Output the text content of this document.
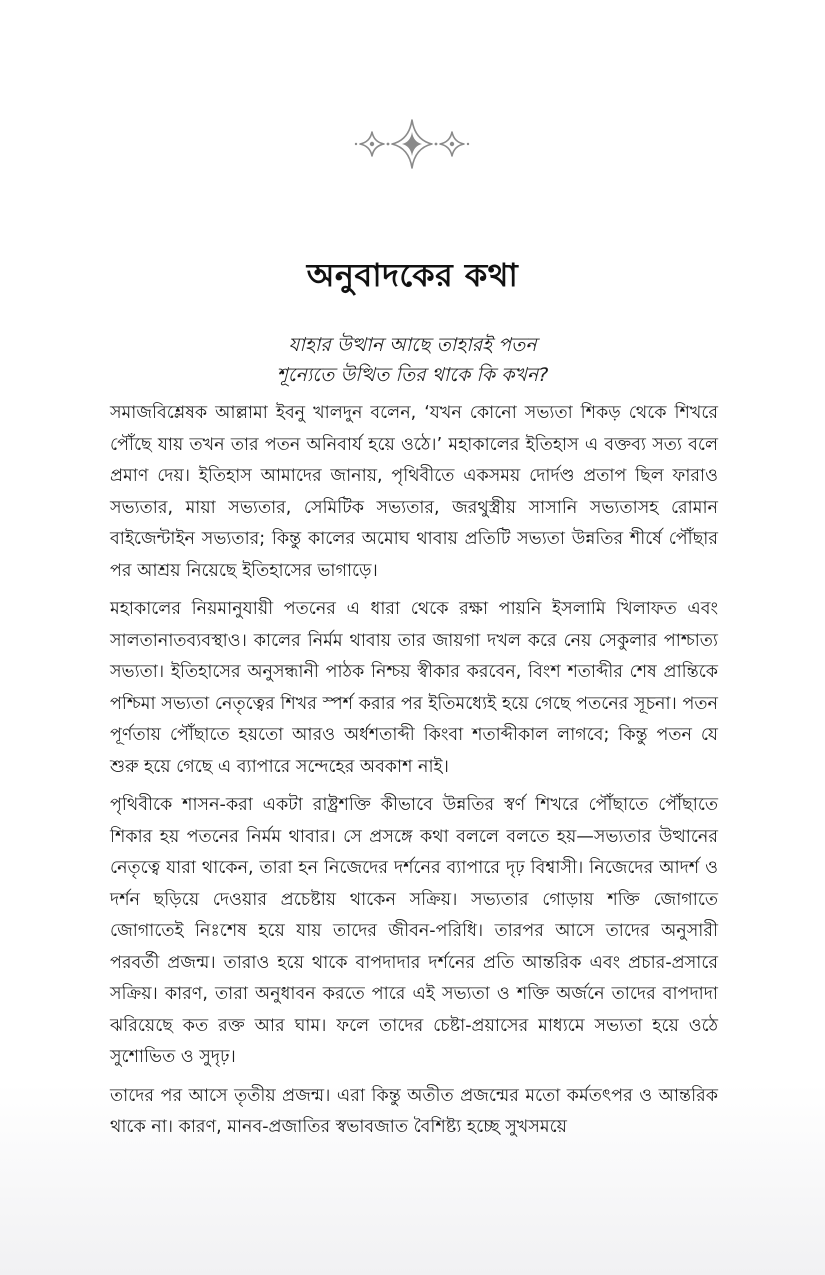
অনুবাদকের কথা
যাহার উত্থান আছে তাহারই পতন
শূন্যেতে উত্থিত তির থাকে কি কখন?

সমাজবিশ্লেষক আল্লামা ইবনু খালদুন বলেন, ‘যখন কোনো সভ্যতা শিকড় থেকে শিখরে পৌঁছে যায় তখন তার পতন অনিবার্য হয়ে ওঠে।’ মহাকালের ইতিহাস এ বক্তব্য সত্য বলে প্রমাণ দেয়। ইতিহাস আমাদের জানায়, পৃথিবীতে একসময় দোর্দণ্ড প্রতাপ ছিল ফারাও সভ্যতার, মায়া সভ্যতার, সেমিটিক সভ্যতার, জরথুস্ত্রীয় সাসানি সভ্যতাসহ রোমান বাইজেন্টাইন সভ্যতার; কিন্তু কালের অমোঘ থাবায় প্রতিটি সভ্যতা উন্নতির শীর্ষে পৌঁছার পর আশ্রয় নিয়েছে ইতিহাসের ভাগাড়ে।

মহাকালের নিয়মানুযায়ী পতনের এ ধারা থেকে রক্ষা পায়নি ইসলামি খিলাফত এবং সালতানাতব্যবস্থাও। কালের নির্মম থাবায় তার জায়গা দখল করে নেয় সেকুলার পাশ্চাত্য সভ্যতা। ইতিহাসের অনুসন্ধানী পাঠক নিশ্চয় স্বীকার করবেন, বিংশ শতাব্দীর শেষ প্রান্তিকে পশ্চিমা সভ্যতা নেতৃত্বের শিখর স্পর্শ করার পর ইতিমধ্যেই হয়ে গেছে পতনের সূচনা। পতন পূর্ণতায় পৌঁছাতে হয়তো আরও অর্ধশতাব্দী কিংবা শতাব্দীকাল লাগবে; কিন্তু পতন যে শুরু হয়ে গেছে এ ব্যাপারে সন্দেহের অবকাশ নাই।

পৃথিবীকে শাসন-করা একটা রাষ্ট্রশক্তি কীভাবে উন্নতির স্বর্ণ শিখরে পৌঁছাতে পৌঁছাতে শিকার হয় পতনের নির্মম থাবার। সে প্রসঙ্গে কথা বললে বলতে হয়—সভ্যতার উত্থানের নেতৃত্বে যারা থাকেন, তারা হন নিজেদের দর্শনের ব্যাপারে দৃঢ় বিশ্বাসী। নিজেদের আদর্শ ও দর্শন ছড়িয়ে দেওয়ার প্রচেষ্টায় থাকেন সক্রিয়। সভ্যতার গোড়ায় শক্তি জোগাতে জোগাতেই নিঃশেষ হয়ে যায় তাদের জীবন-পরিধি। তারপর আসে তাদের অনুসারী পরবর্তী প্রজন্ম। তারাও হয়ে থাকে বাপদাদার দর্শনের প্রতি আন্তরিক এবং প্রচার-প্রসারে সক্রিয়। কারণ, তারা অনুধাবন করতে পারে এই সভ্যতা ও শক্তি অর্জনে তাদের বাপদাদা ঝরিয়েছে কত রক্ত আর ঘাম। ফলে তাদের চেষ্টা-প্রয়াসের মাধ্যমে সভ্যতা হয়ে ওঠে সুশোভিত ও সুদৃঢ়।

তাদের পর আসে তৃতীয় প্রজন্ম। এরা কিন্তু অতীত প্রজন্মের মতো কর্মতৎপর ও আন্তরিক থাকে না। কারণ, মানব-প্রজাতির স্বভাবজাত বৈশিষ্ট্য হচ্ছে সুখসময়ে
